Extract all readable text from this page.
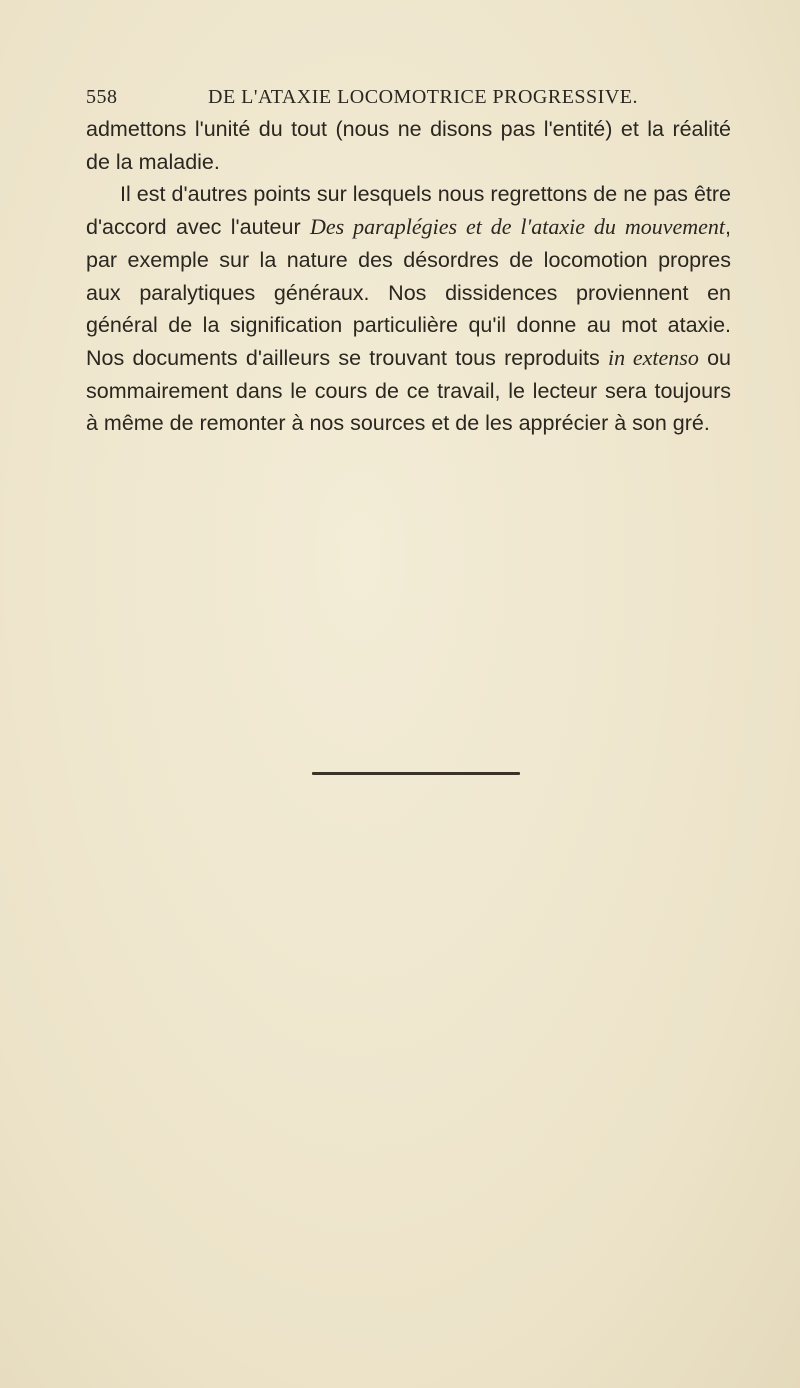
558	DE L'ATAXIE LOCOMOTRICE PROGRESSIVE.

admettons l'unité du tout (nous ne disons pas l'entité) et la réalité de la maladie.

Il est d'autres points sur lesquels nous regrettons de ne pas être d'accord avec l'auteur Des paraplégies et de l'ataxie du mouvement, par exemple sur la nature des désordres de locomotion propres aux paralytiques généraux. Nos dissidences proviennent en général de la signification particulière qu'il donne au mot ataxie. Nos documents d'ailleurs se trouvant tous reproduits in extenso ou sommairement dans le cours de ce travail, le lecteur sera toujours à même de remonter à nos sources et de les apprécier à son gré.
